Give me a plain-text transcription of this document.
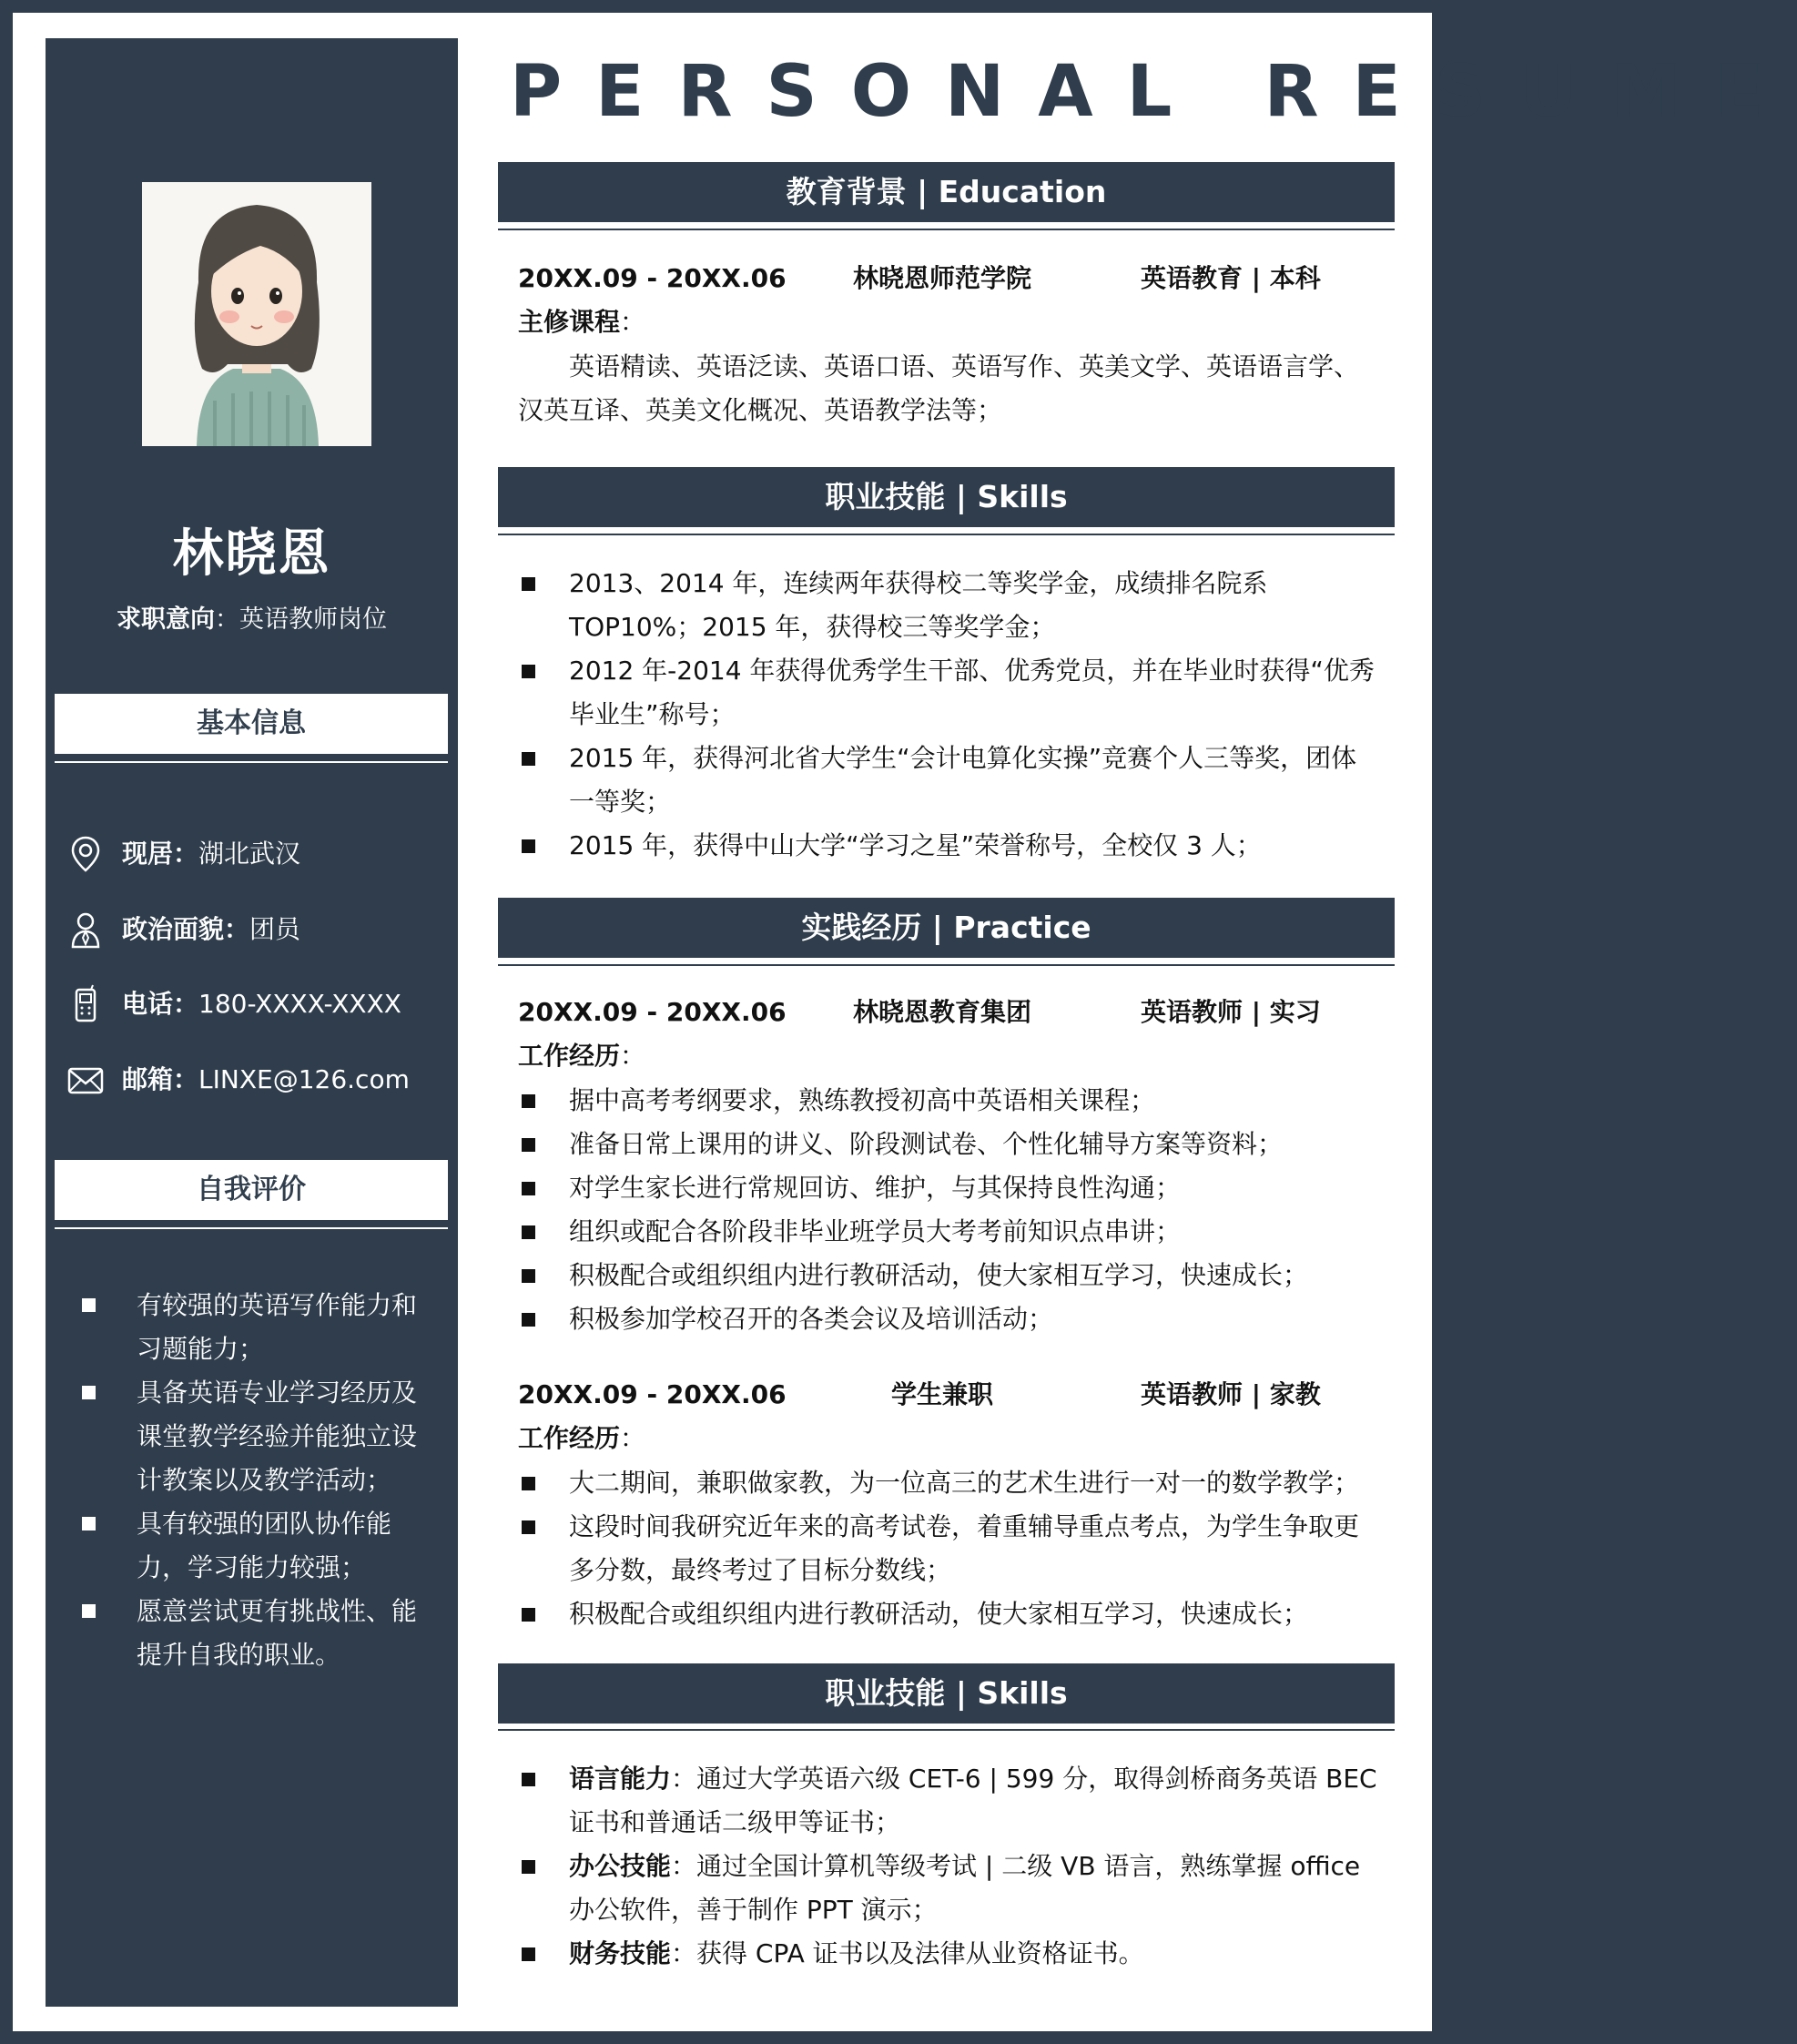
林晓恩
求职意向：英语教师岗位
基本信息
现居 ： 湖北武汉
政治面貌 ： 团员
电话 ： 180-XXXX-XXXX
邮箱 ： LINXE@126.com
自我评价
有较强的英语写作能力和习题能力；
具备英语专业学习经历及课堂教学经验并能独立设计教案以及教学活动；
具有较强的团队协作能力，学习能力较强；
愿意尝试更有挑战性、能提升自我的职业。
PERSONAL RESUME
教育背景 | Education
20XX.09 - 20XX.06	林晓恩师范学院	英语教育 | 本科
主修课程：

英语精读、英语泛读、英语口语、英语写作、英美文学、英语语言学、汉英互译、英美文化概况、英语教学法等；

职业技能 | Skills
2013、2014 年，连续两年获得校二等奖学金，成绩排名院系 TOP10%；2015 年，获得校三等奖学金；
2012 年-2014 年获得优秀学生干部、优秀党员，并在毕业时获得“优秀毕业生”称号；
2015 年，获得河北省大学生“会计电算化实操”竞赛个人三等奖，团体一等奖；
2015 年，获得中山大学“学习之星”荣誉称号，全校仅 3 人；
实践经历 | Practice
20XX.09 - 20XX.06	林晓恩教育集团	英语教师 | 实习
工作经历：
据中高考考纲要求，熟练教授初高中英语相关课程；
准备日常上课用的讲义、阶段测试卷、个性化辅导方案等资料；
对学生家长进行常规回访、维护，与其保持良性沟通；
组织或配合各阶段非毕业班学员大考考前知识点串讲；
积极配合或组织组内进行教研活动，使大家相互学习，快速成长；
积极参加学校召开的各类会议及培训活动；
20XX.09 - 20XX.06	学生兼职	英语教师 | 家教
工作经历：
大二期间，兼职做家教，为一位高三的艺术生进行一对一的数学教学；
这段时间我研究近年来的高考试卷，着重辅导重点考点，为学生争取更多分数，最终考过了目标分数线；
积极配合或组织组内进行教研活动，使大家相互学习，快速成长；
职业技能 | Skills
语言能力：通过大学英语六级 CET-6 | 599 分，取得剑桥商务英语 BEC 证书和普通话二级甲等证书；
办公技能：通过全国计算机等级考试 | 二级 VB 语言，熟练掌握 office 办公软件，善于制作 PPT 演示；
财务技能：获得 CPA 证书以及法律从业资格证书。
